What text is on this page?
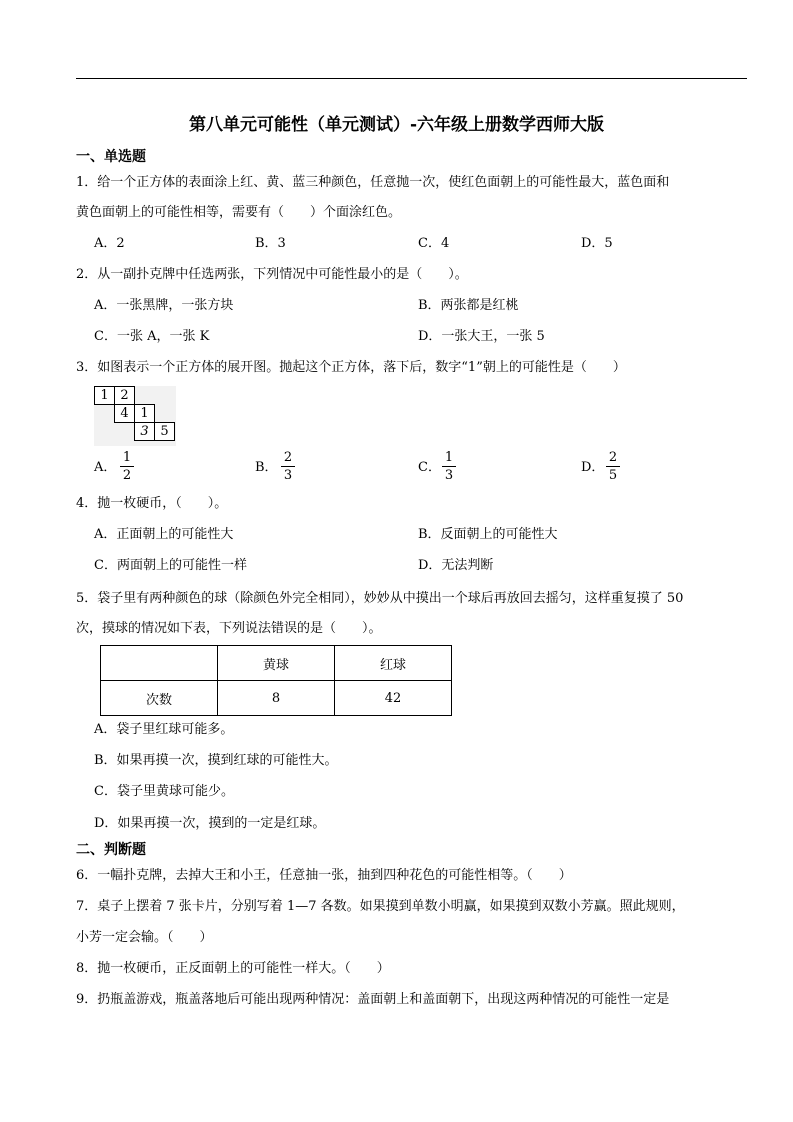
第八单元可能性（单元测试）-六年级上册数学西师大版
一、单选题
1．给一个正方体的表面涂上红、黄、蓝三种颜色，任意抛一次，使红色面朝上的可能性最大，蓝色面和
黄色面朝上的可能性相等，需要有（　　）个面涂红色。
A．2	B．3	C．4	D．5
2．从一副扑克牌中任选两张，下列情况中可能性最小的是（　　）。
A．一张黑牌，一张方块	B．两张都是红桃
C．一张 A，一张 K	D．一张大王，一张 5
3．如图表示一个正方体的展开图。抛起这个正方体，落下后，数字“1”朝上的可能性是（　　）
1 2
4 1
3 5
A．
1
2
B．
2
3
C．
1
3
D．
2
5
4．抛一枚硬币，（　　）。
A．正面朝上的可能性大	B．反面朝上的可能性大
C．两面朝上的可能性一样	D．无法判断
5．袋子里有两种颜色的球（除颜色外完全相同），妙妙从中摸出一个球后再放回去摇匀，这样重复摸了 50
次，摸球的情况如下表，下列说法错误的是（　　）。
	黄球	红球
次数	8	42
A．袋子里红球可能多。
B．如果再摸一次，摸到红球的可能性大。
C．袋子里黄球可能少。
D．如果再摸一次，摸到的一定是红球。
二、判断题
6．一幅扑克牌，去掉大王和小王，任意抽一张，抽到四种花色的可能性相等。（　　）
7．桌子上摆着 7 张卡片，分别写着 1—7 各数。如果摸到单数小明赢，如果摸到双数小芳赢。照此规则，
小芳一定会输。（　　）
8．抛一枚硬币，正反面朝上的可能性一样大。（　　）
9．扔瓶盖游戏，瓶盖落地后可能出现两种情况：盖面朝上和盖面朝下，出现这两种情况的可能性一定是
